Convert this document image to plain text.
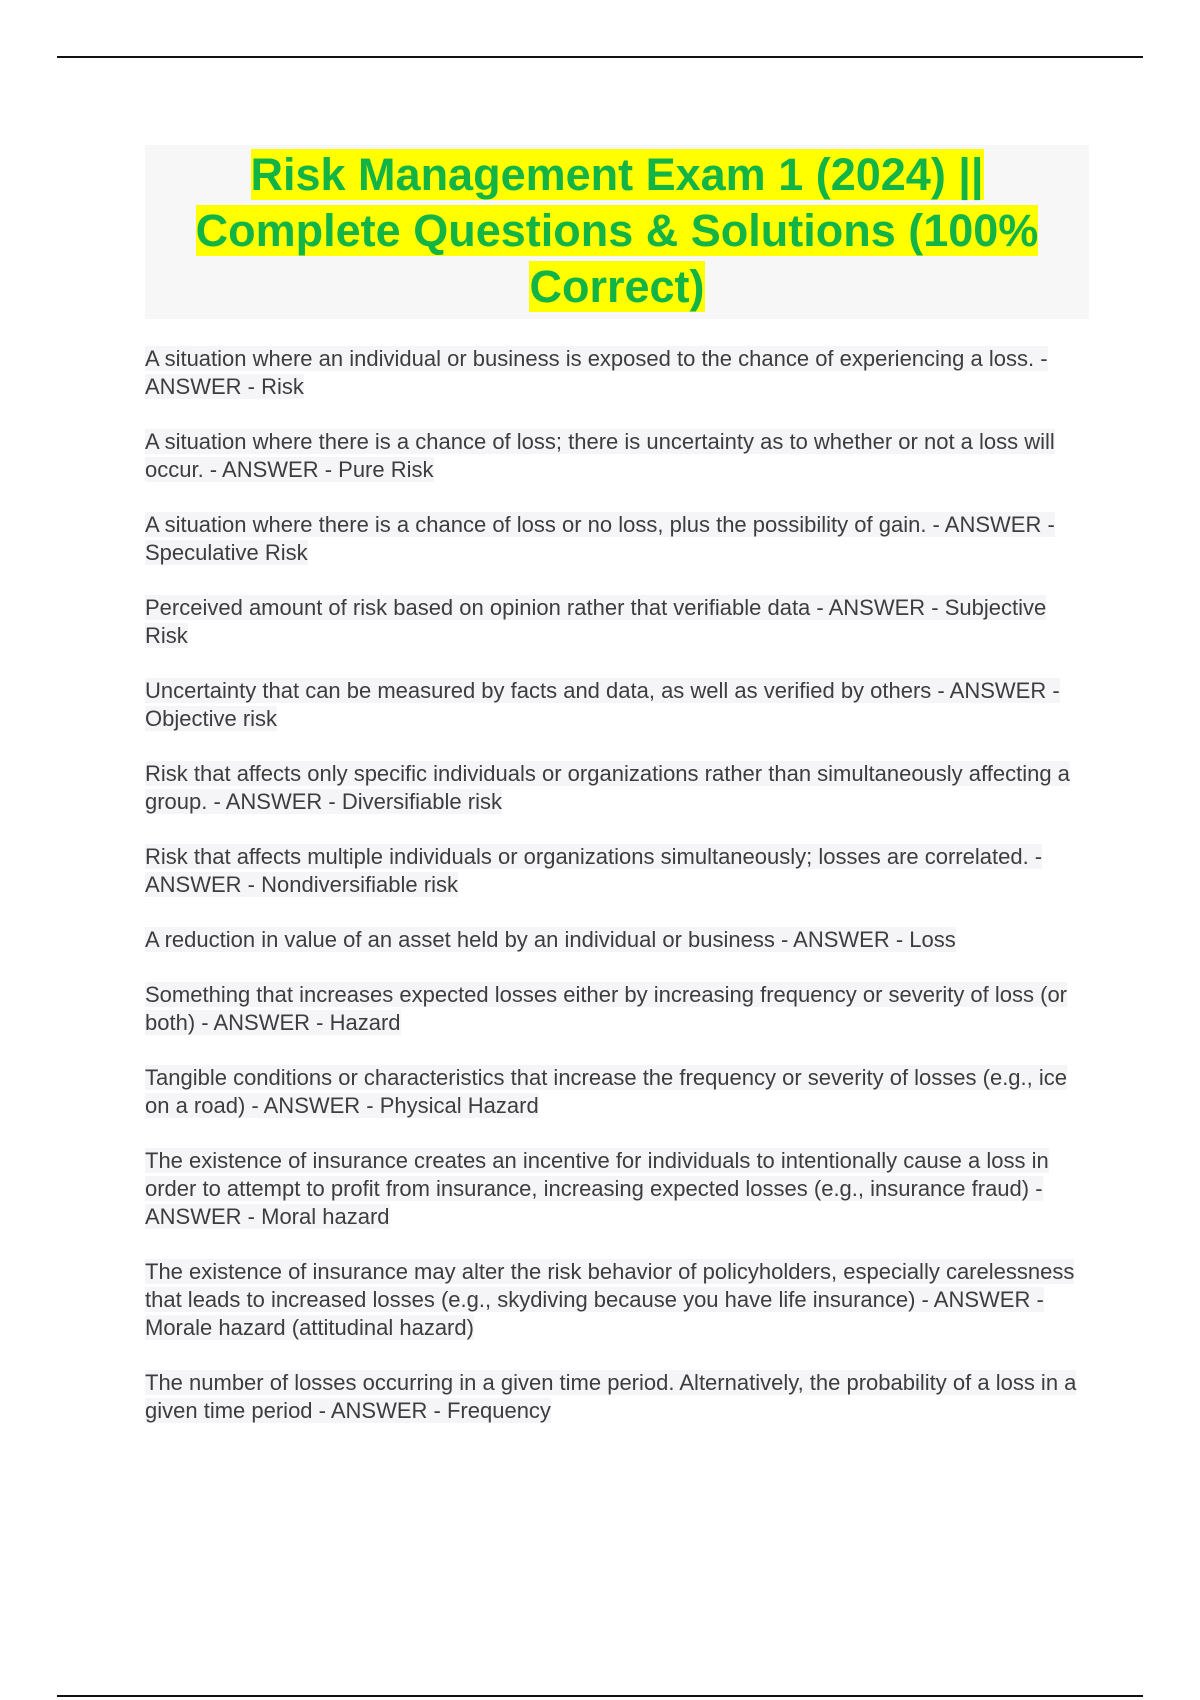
Risk Management Exam 1 (2024) ||
Complete Questions & Solutions (100%
Correct)

A situation where an individual or business is exposed to the chance of experiencing a loss. - ANSWER - Risk

A situation where there is a chance of loss; there is uncertainty as to whether or not a loss will occur. - ANSWER - Pure Risk

A situation where there is a chance of loss or no loss, plus the possibility of gain. - ANSWER - Speculative Risk

Perceived amount of risk based on opinion rather that verifiable data - ANSWER - Subjective Risk

Uncertainty that can be measured by facts and data, as well as verified by others - ANSWER - Objective risk

Risk that affects only specific individuals or organizations rather than simultaneously affecting a group. - ANSWER - Diversifiable risk

Risk that affects multiple individuals or organizations simultaneously; losses are correlated. - ANSWER - Nondiversifiable risk

A reduction in value of an asset held by an individual or business - ANSWER - Loss

Something that increases expected losses either by increasing frequency or severity of loss (or both) - ANSWER - Hazard

Tangible conditions or characteristics that increase the frequency or severity of losses (e.g., ice on a road) - ANSWER - Physical Hazard

The existence of insurance creates an incentive for individuals to intentionally cause a loss in order to attempt to profit from insurance, increasing expected losses (e.g., insurance fraud) - ANSWER - Moral hazard

The existence of insurance may alter the risk behavior of policyholders, especially carelessness that leads to increased losses (e.g., skydiving because you have life insurance) - ANSWER - Morale hazard (attitudinal hazard)

The number of losses occurring in a given time period. Alternatively, the probability of a loss in a given time period - ANSWER - Frequency
